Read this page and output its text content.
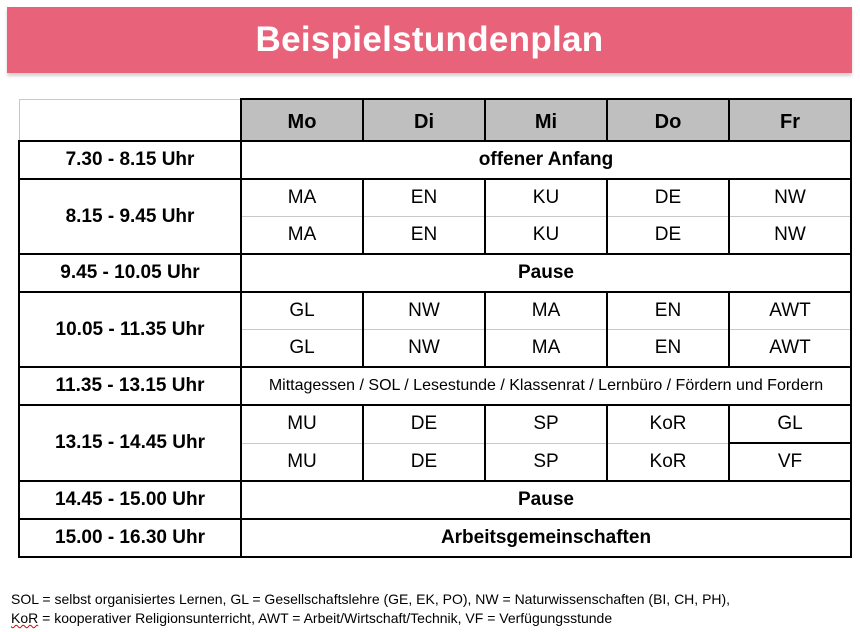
Beispielstundenplan
	Mo	Di	Mi	Do	Fr
7.30 - 8.15 Uhr	offener Anfang				
8.15 - 9.45 Uhr	MA	EN	KU	DE	NW
	MA	EN	KU	DE	NW
9.45 - 10.05 Uhr	Pause				
10.05 - 11.35 Uhr	GL	NW	MA	EN	AWT
	GL	NW	MA	EN	AWT
11.35 - 13.15 Uhr	Mittagessen / SOL / Lesestunde / Klassenrat / Lernbüro / Fördern und Fordern				
13.15 - 14.45 Uhr	MU	DE	SP	KoR	GL
	MU	DE	SP	KoR	VF
14.45 - 15.00 Uhr	Pause				
15.00 - 16.30 Uhr	Arbeitsgemeinschaften				
SOL = selbst organisiertes Lernen, GL = Gesellschaftslehre (GE, EK, PO), NW = Naturwissenschaften (BI, CH, PH),
KoR = kooperativer Religionsunterricht, AWT = Arbeit/Wirtschaft/Technik, VF = Verfügungsstunde
